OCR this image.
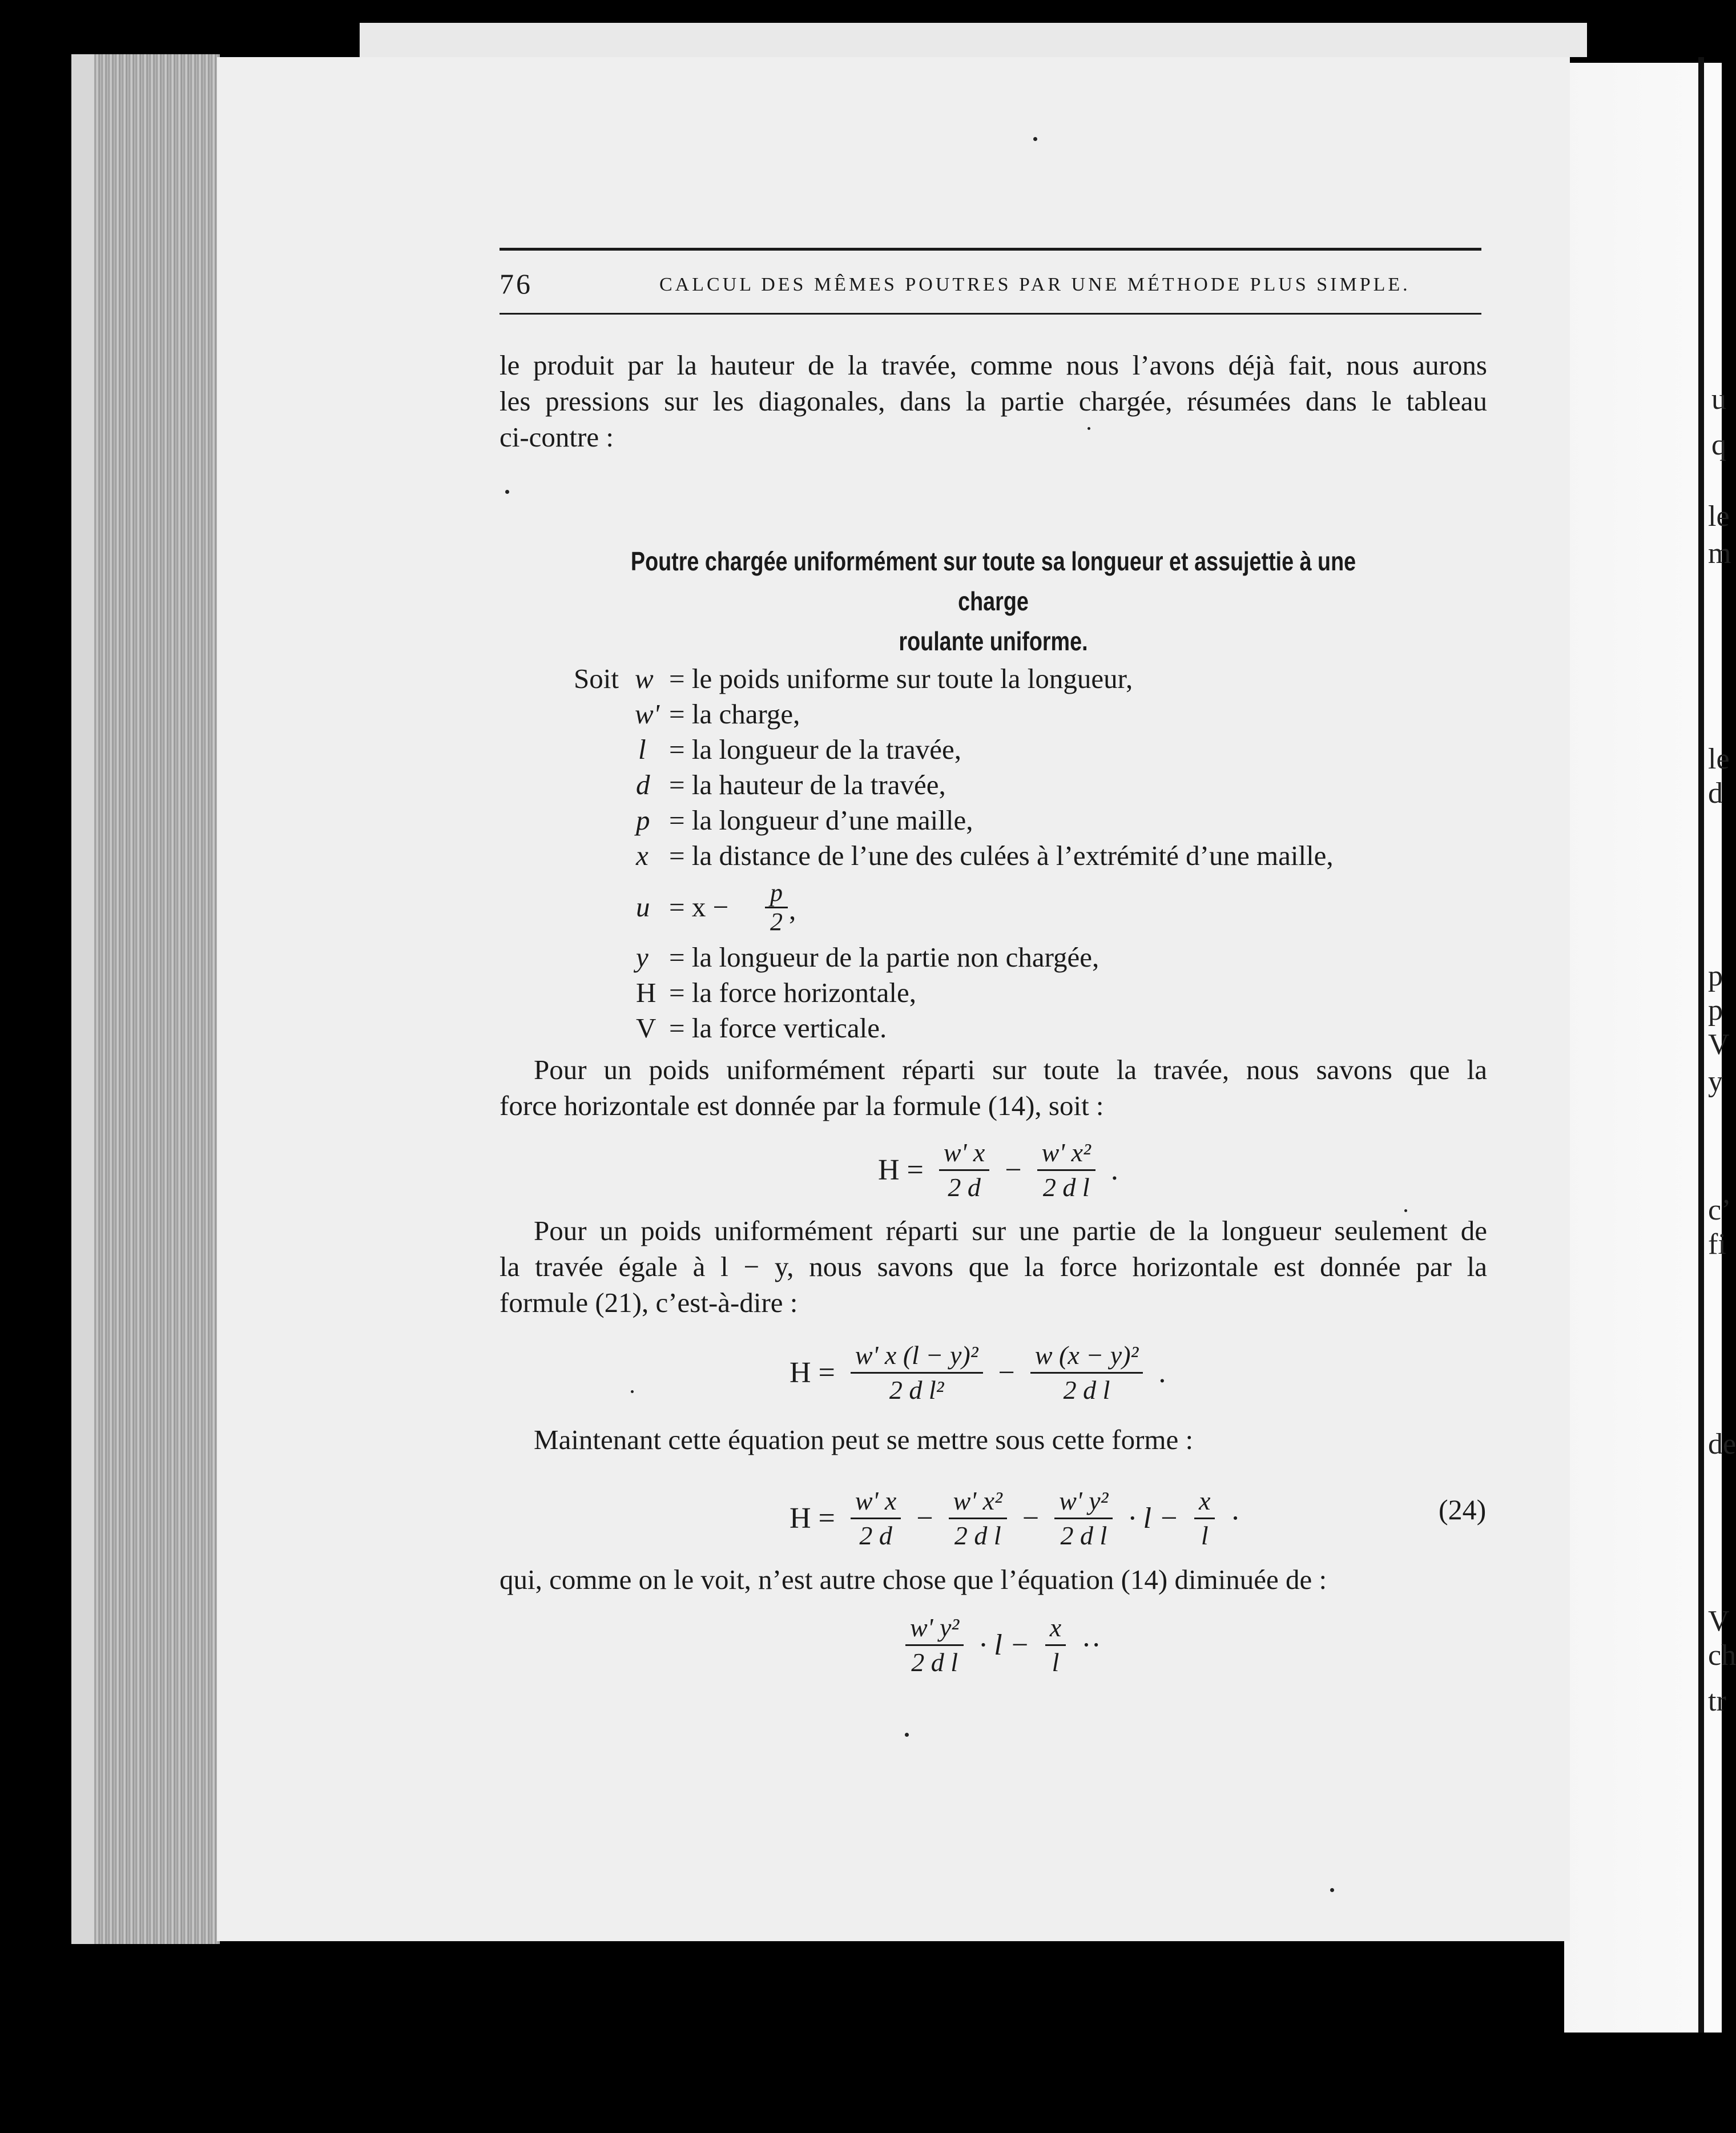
u
q
le
m
le
d
p
p
V
y
c’
fi
de
V
ch
tr
76	CALCUL DES MÊMES POUTRES PAR UNE MÉTHODE PLUS SIMPLE.
le produit par la hauteur de la travée, comme nous l’avons déjà fait, nous aurons
les pressions sur les diagonales, dans la partie chargée, résumées dans le tableau
ci-contre :
Poutre chargée uniformément sur toute sa longueur et assujettie à une charge
roulante uniforme.
Soit w = le poids uniforme sur toute la longueur,
w' = la charge,
l = la longueur de la travée,
d = la hauteur de la travée,
p = la longueur d’une maille,
x = la distance de l’une des culées à l’extrémité d’une maille,
$u = x - \frac{p}{2}$ ,
y = la longueur de la partie non chargée,
H = la force horizontale,
V = la force verticale.
Pour un poids uniformément réparti sur toute la travée, nous savons que la
force horizontale est donnée par la formule (14), soit :
$H = \frac{w' x}{2 d} - \frac{\text{w' x²}}{\text{2 d l}}$ .
Pour un poids uniformément réparti sur une partie de la longueur seulement de
la travée égale à l − y, nous savons que la force horizontale est donnée par la
formule (21), c’est-à-dire :
$H = \frac{\text{w' x (l − y)²}}{\text{2 d l²}} - \frac{\text{w (x − y)²}}{\text{2 d l}}$ .
Maintenant cette équation peut se mettre sous cette forme :
$H = \frac{w' x}{2 d} - \frac{\text{w' x²}}{\text{2 d l}} - \frac{\text{w' y²}}{\text{2 d l}} \cdot l - \frac{x}{l}$ ·	(24)
qui, comme on le voit, n’est autre chose que l’équation (14) diminuée de :
$\frac{\text{w' y²}}{\text{2 d l}} \cdot l - \frac{x}{l}$ ··
